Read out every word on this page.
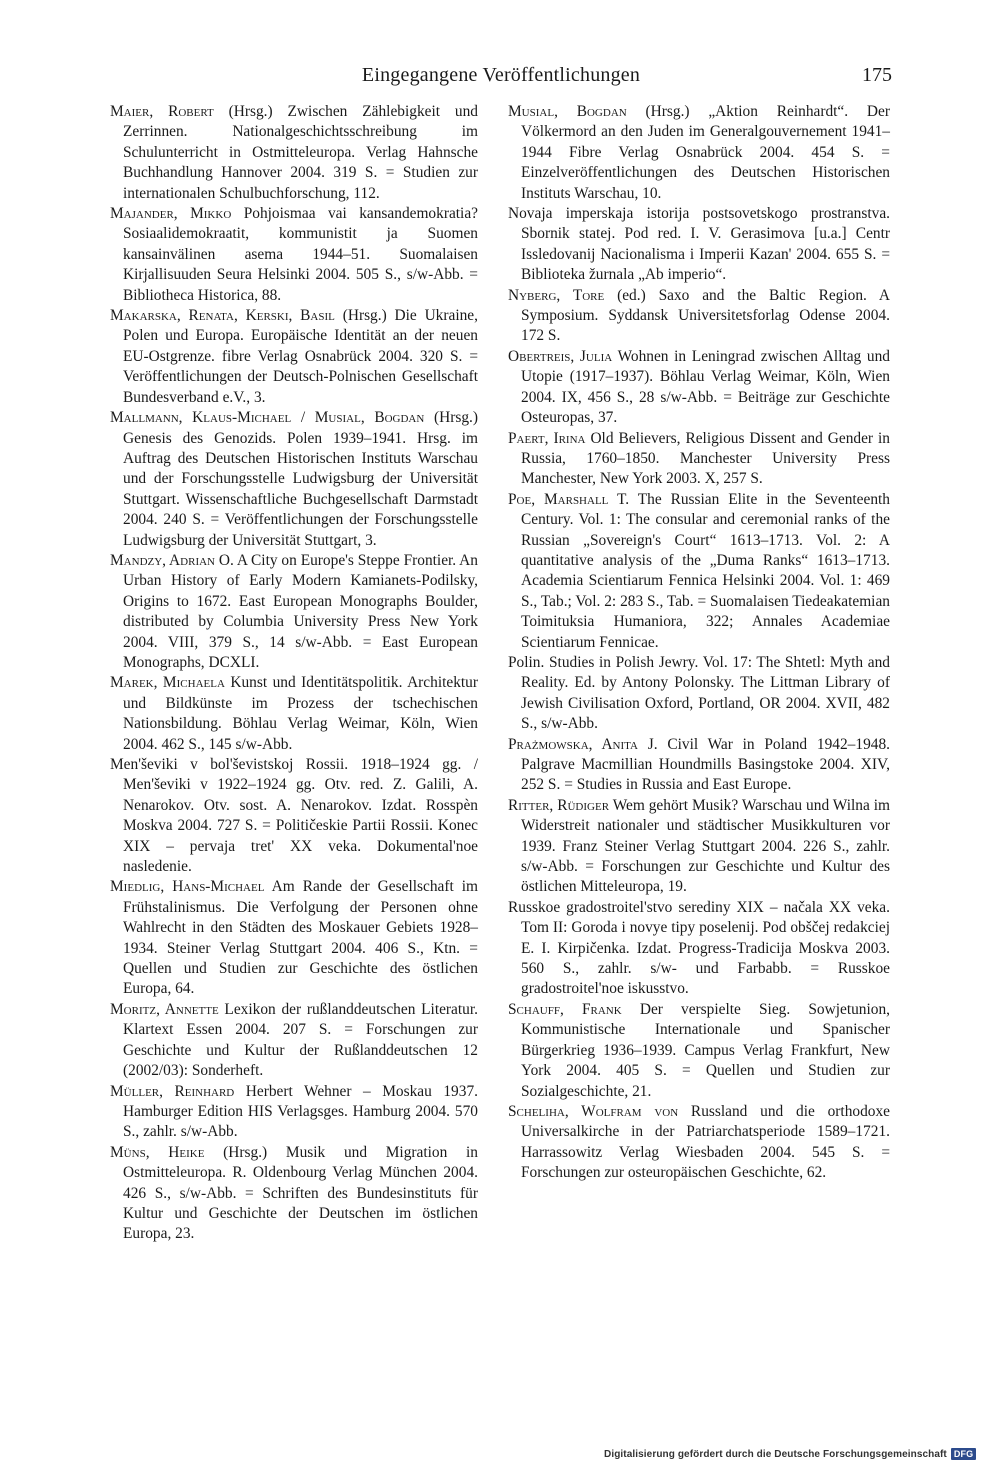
Eingegangene Veröffentlichungen	175
Maier, Robert (Hrsg.) Zwischen Zählebigkeit und Zerrinnen. Nationalgeschichtsschreibung im Schulunterricht in Ostmitteleuropa. Verlag Hahnsche Buchhandlung Hannover 2004. 319 S. = Studien zur internationalen Schulbuchforschung, 112.
Majander, Mikko Pohjoismaa vai kansandemokratia? Sosiaalidemokraatit, kommunistit ja Suomen kansainvälinen asema 1944–51. Suomalaisen Kirjallisuuden Seura Helsinki 2004. 505 S., s/w-Abb. = Bibliotheca Historica, 88.
Makarska, Renata, Kerski, Basil (Hrsg.) Die Ukraine, Polen und Europa. Europäische Identität an der neuen EU-Ostgrenze. fibre Verlag Osnabrück 2004. 320 S. = Veröffentlichungen der Deutsch-Polnischen Gesellschaft Bundesverband e.V., 3.
Mallmann, Klaus-Michael / Musial, Bogdan (Hrsg.) Genesis des Genozids. Polen 1939–1941. Hrsg. im Auftrag des Deutschen Historischen Instituts Warschau und der Forschungsstelle Ludwigsburg der Universität Stuttgart. Wissenschaftliche Buchgesellschaft Darmstadt 2004. 240 S. = Veröffentlichungen der Forschungsstelle Ludwigsburg der Universität Stuttgart, 3.
Mandzy, Adrian O. A City on Europe's Steppe Frontier. An Urban History of Early Modern Kamianets-Podilsky, Origins to 1672. East European Monographs Boulder, distributed by Columbia University Press New York 2004. VIII, 379 S., 14 s/w-Abb. = East European Monographs, DCXLI.
Marek, Michaela Kunst und Identitätspolitik. Architektur und Bildkünste im Prozess der tschechischen Nationsbildung. Böhlau Verlag Weimar, Köln, Wien 2004. 462 S., 145 s/w-Abb.
Men'ševiki v bol'ševistskoj Rossii. 1918–1924 gg. / Men'ševiki v 1922–1924 gg. Otv. red. Z. Galili, A. Nenarokov. Otv. sost. A. Nenarokov. Izdat. Rosspèn Moskva 2004. 727 S. = Političeskie Partii Rossii. Konec XIX – pervaja tret' XX veka. Dokumental'noe nasledenie.
Miedlig, Hans-Michael Am Rande der Gesellschaft im Frühstalinismus. Die Verfolgung der Personen ohne Wahlrecht in den Städten des Moskauer Gebiets 1928–1934. Steiner Verlag Stuttgart 2004. 406 S., Ktn. = Quellen und Studien zur Geschichte des östlichen Europa, 64.
Moritz, Annette Lexikon der rußlanddeutschen Literatur. Klartext Essen 2004. 207 S. = Forschungen zur Geschichte und Kultur der Rußlanddeutschen 12 (2002/03): Sonderheft.
Müller, Reinhard Herbert Wehner – Moskau 1937. Hamburger Edition HIS Verlagsges. Hamburg 2004. 570 S., zahlr. s/w-Abb.
Müns, Heike (Hrsg.) Musik und Migration in Ostmitteleuropa. R. Oldenbourg Verlag München 2004. 426 S., s/w-Abb. = Schriften des Bundesinstituts für Kultur und Geschichte der Deutschen im östlichen Europa, 23.
Musial, Bogdan (Hrsg.) „Aktion Reinhardt“. Der Völkermord an den Juden im Generalgouvernement 1941–1944 Fibre Verlag Osnabrück 2004. 454 S. = Einzelveröffentlichungen des Deutschen Historischen Instituts Warschau, 10.
Novaja imperskaja istorija postsovetskogo prostranstva. Sbornik statej. Pod red. I. V. Gerasimova [u.a.] Centr Issledovanij Nacionalisma i Imperii Kazan' 2004. 655 S. = Biblioteka žurnala „Ab imperio“.
Nyberg, Tore (ed.) Saxo and the Baltic Region. A Symposium. Syddansk Universitetsforlag Odense 2004. 172 S.
Obertreis, Julia Wohnen in Leningrad zwischen Alltag und Utopie (1917–1937). Böhlau Verlag Weimar, Köln, Wien 2004. IX, 456 S., 28 s/w-Abb. = Beiträge zur Geschichte Osteuropas, 37.
Paert, Irina Old Believers, Religious Dissent and Gender in Russia, 1760–1850. Manchester University Press Manchester, New York 2003. X, 257 S.
Poe, Marshall T. The Russian Elite in the Seventeenth Century. Vol. 1: The consular and ceremonial ranks of the Russian „Sovereign's Court“ 1613–1713. Vol. 2: A quantitative analysis of the „Duma Ranks“ 1613–1713. Academia Scientiarum Fennica Helsinki 2004. Vol. 1: 469 S., Tab.; Vol. 2: 283 S., Tab. = Suomalaisen Tiedeakatemian Toimituksia Humaniora, 322; Annales Academiae Scientiarum Fennicae.
Polin. Studies in Polish Jewry. Vol. 17: The Shtetl: Myth and Reality. Ed. by Antony Polonsky. The Littman Library of Jewish Civilisation Oxford, Portland, OR 2004. XVII, 482 S., s/w-Abb.
Prażmowska, Anita J. Civil War in Poland 1942–1948. Palgrave Macmillian Houndmills Basingstoke 2004. XIV, 252 S. = Studies in Russia and East Europe.
Ritter, Rüdiger Wem gehört Musik? Warschau und Wilna im Widerstreit nationaler und städtischer Musikkulturen vor 1939. Franz Steiner Verlag Stuttgart 2004. 226 S., zahlr. s/w-Abb. = Forschungen zur Geschichte und Kultur des östlichen Mitteleuropa, 19.
Russkoe gradostroitel'stvo serediny XIX – načala XX veka. Tom II: Goroda i novye tipy poselenij. Pod obščej redakciej E. I. Kirpičenka. Izdat. Progress-Tradicija Moskva 2003. 560 S., zahlr. s/w- und Farbabb. = Russkoe gradostroitel'noe iskusstvo.
Schauff, Frank Der verspielte Sieg. Sowjetunion, Kommunistische Internationale und Spanischer Bürgerkrieg 1936–1939. Campus Verlag Frankfurt, New York 2004. 405 S. = Quellen und Studien zur Sozialgeschichte, 21.
Scheliha, Wolfram von Russland und die orthodoxe Universalkirche in der Patriarchatsperiode 1589–1721. Harrassowitz Verlag Wiesbaden 2004. 545 S. = Forschungen zur osteuropäischen Geschichte, 62.
Digitalisierung gefördert durch die Deutsche Forschungsgemeinschaft DFG
